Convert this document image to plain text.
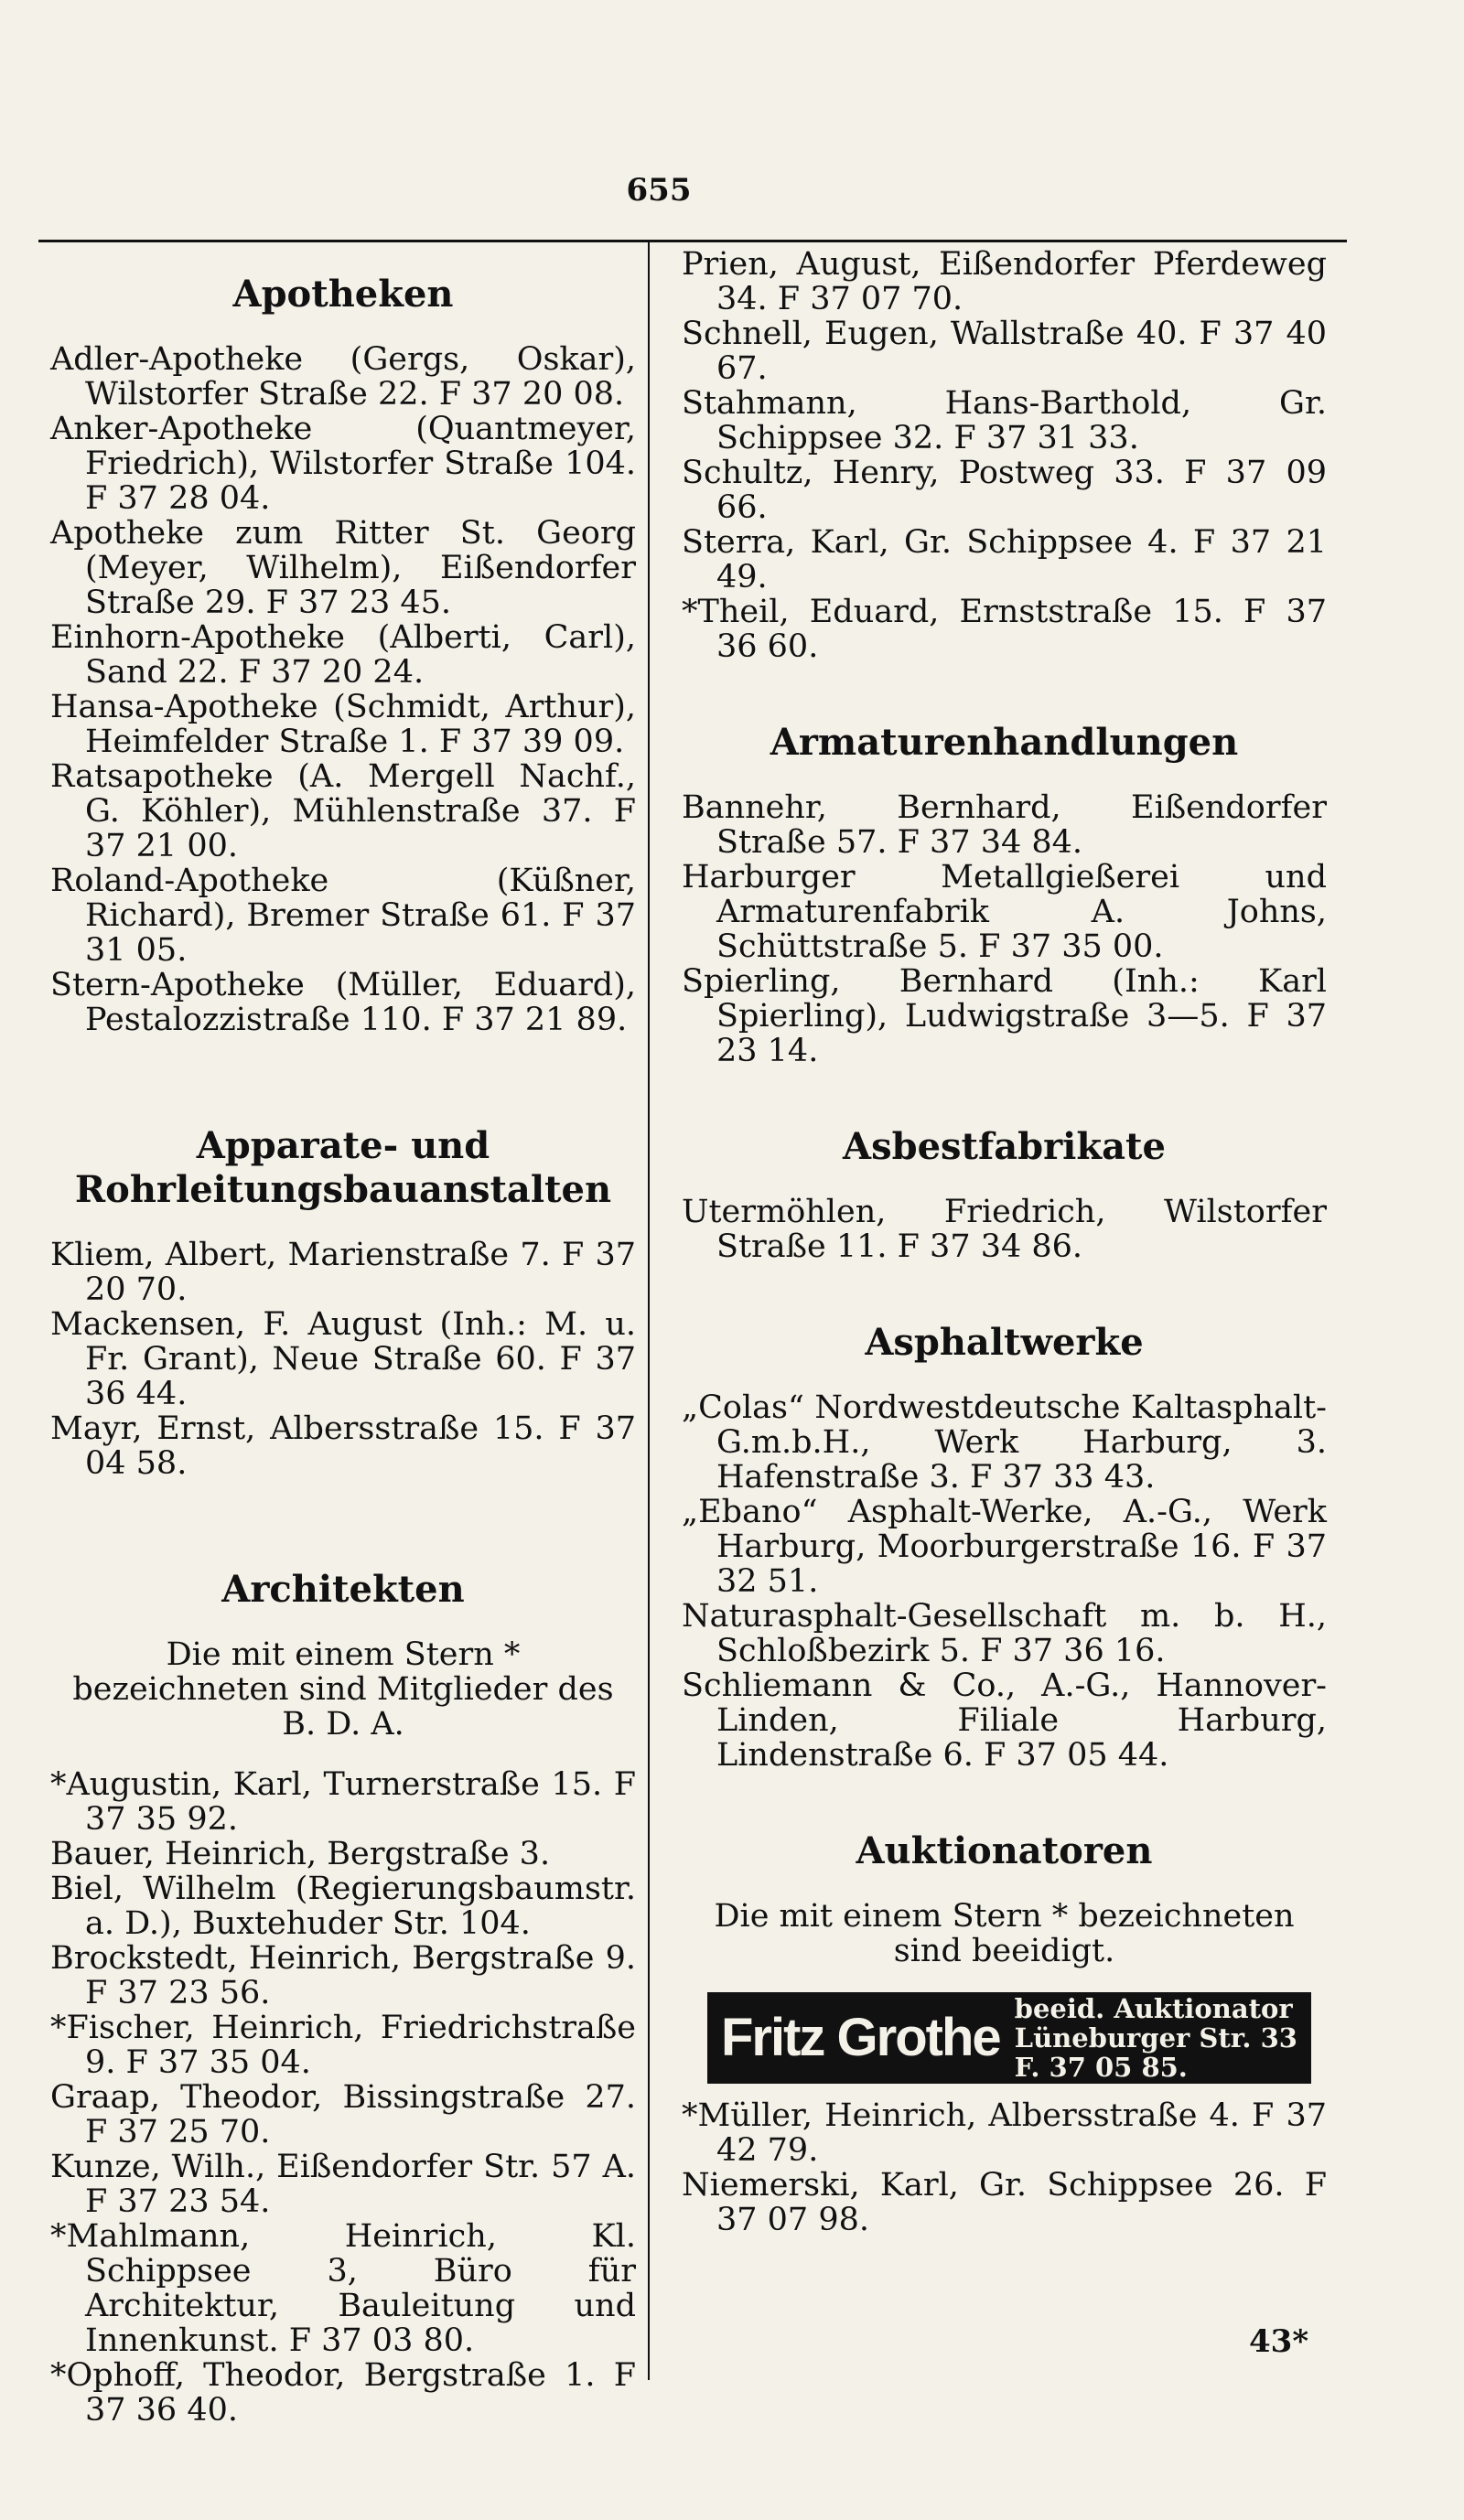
655
Apotheken
Adler-Apotheke (Gergs, Oskar), Wilstorfer Straße 22. F 37 20 08.
Anker-Apotheke (Quantmeyer, Friedrich), Wilstorfer Straße 104. F 37 28 04.
Apotheke zum Ritter St. Georg (Meyer, Wilhelm), Eißendorfer Straße 29. F 37 23 45.
Einhorn-Apotheke (Alberti, Carl), Sand 22. F 37 20 24.
Hansa-Apotheke (Schmidt, Arthur), Heimfelder Straße 1. F 37 39 09.
Ratsapotheke (A. Mergell Nachf., G. Köhler), Mühlenstraße 37. F 37 21 00.
Roland-Apotheke (Küßner, Richard), Bremer Straße 61. F 37 31 05.
Stern-Apotheke (Müller, Eduard), Pestalozzistraße 110. F 37 21 89.
Apparate- und Rohrleitungsbauanstalten
Kliem, Albert, Marienstraße 7. F 37 20 70.
Mackensen, F. August (Inh.: M. u. Fr. Grant), Neue Straße 60. F 37 36 44.
Mayr, Ernst, Albersstraße 15. F 37 04 58.
Architekten
Die mit einem Stern * bezeichneten sind Mitglieder des B. D. A.
*Augustin, Karl, Turnerstraße 15. F 37 35 92.
Bauer, Heinrich, Bergstraße 3.
Biel, Wilhelm (Regierungsbaumstr. a. D.), Buxtehuder Str. 104.
Brockstedt, Heinrich, Bergstraße 9. F 37 23 56.
*Fischer, Heinrich, Friedrichstraße 9. F 37 35 04.
Graap, Theodor, Bissingstraße 27. F 37 25 70.
Kunze, Wilh., Eißendorfer Str. 57 A. F 37 23 54.
*Mahlmann, Heinrich, Kl. Schippsee 3, Büro für Architektur, Bauleitung und Innenkunst. F 37 03 80.
*Ophoff, Theodor, Bergstraße 1. F 37 36 40.
Prien, August, Eißendorfer Pferdeweg 34. F 37 07 70.
Schnell, Eugen, Wallstraße 40. F 37 40 67.
Stahmann, Hans-Barthold, Gr. Schippsee 32. F 37 31 33.
Schultz, Henry, Postweg 33. F 37 09 66.
Sterra, Karl, Gr. Schippsee 4. F 37 21 49.
*Theil, Eduard, Ernststraße 15. F 37 36 60.
Armaturenhandlungen
Bannehr, Bernhard, Eißendorfer Straße 57. F 37 34 84.
Harburger Metallgießerei und Armaturenfabrik A. Johns, Schüttstraße 5. F 37 35 00.
Spierling, Bernhard (Inh.: Karl Spierling), Ludwigstraße 3—5. F 37 23 14.
Asbestfabrikate
Utermöhlen, Friedrich, Wilstorfer Straße 11. F 37 34 86.
Asphaltwerke
„Colas“ Nordwestdeutsche Kaltasphalt-G.m.b.H., Werk Harburg, 3. Hafenstraße 3. F 37 33 43.
„Ebano“ Asphalt-Werke, A.-G., Werk Harburg, Moorburgerstraße 16. F 37 32 51.
Naturasphalt-Gesellschaft m. b. H., Schloßbezirk 5. F 37 36 16.
Schliemann & Co., A.-G., Hannover-Linden, Filiale Harburg, Lindenstraße 6. F 37 05 44.
Auktionatoren
Die mit einem Stern * bezeichneten sind beeidigt.
Fritz Grothe beeid. Auktionator
Lüneburger Str. 33
F. 37 05 85.
*Müller, Heinrich, Albersstraße 4. F 37 42 79.
Niemerski, Karl, Gr. Schippsee 26. F 37 07 98.
43*
